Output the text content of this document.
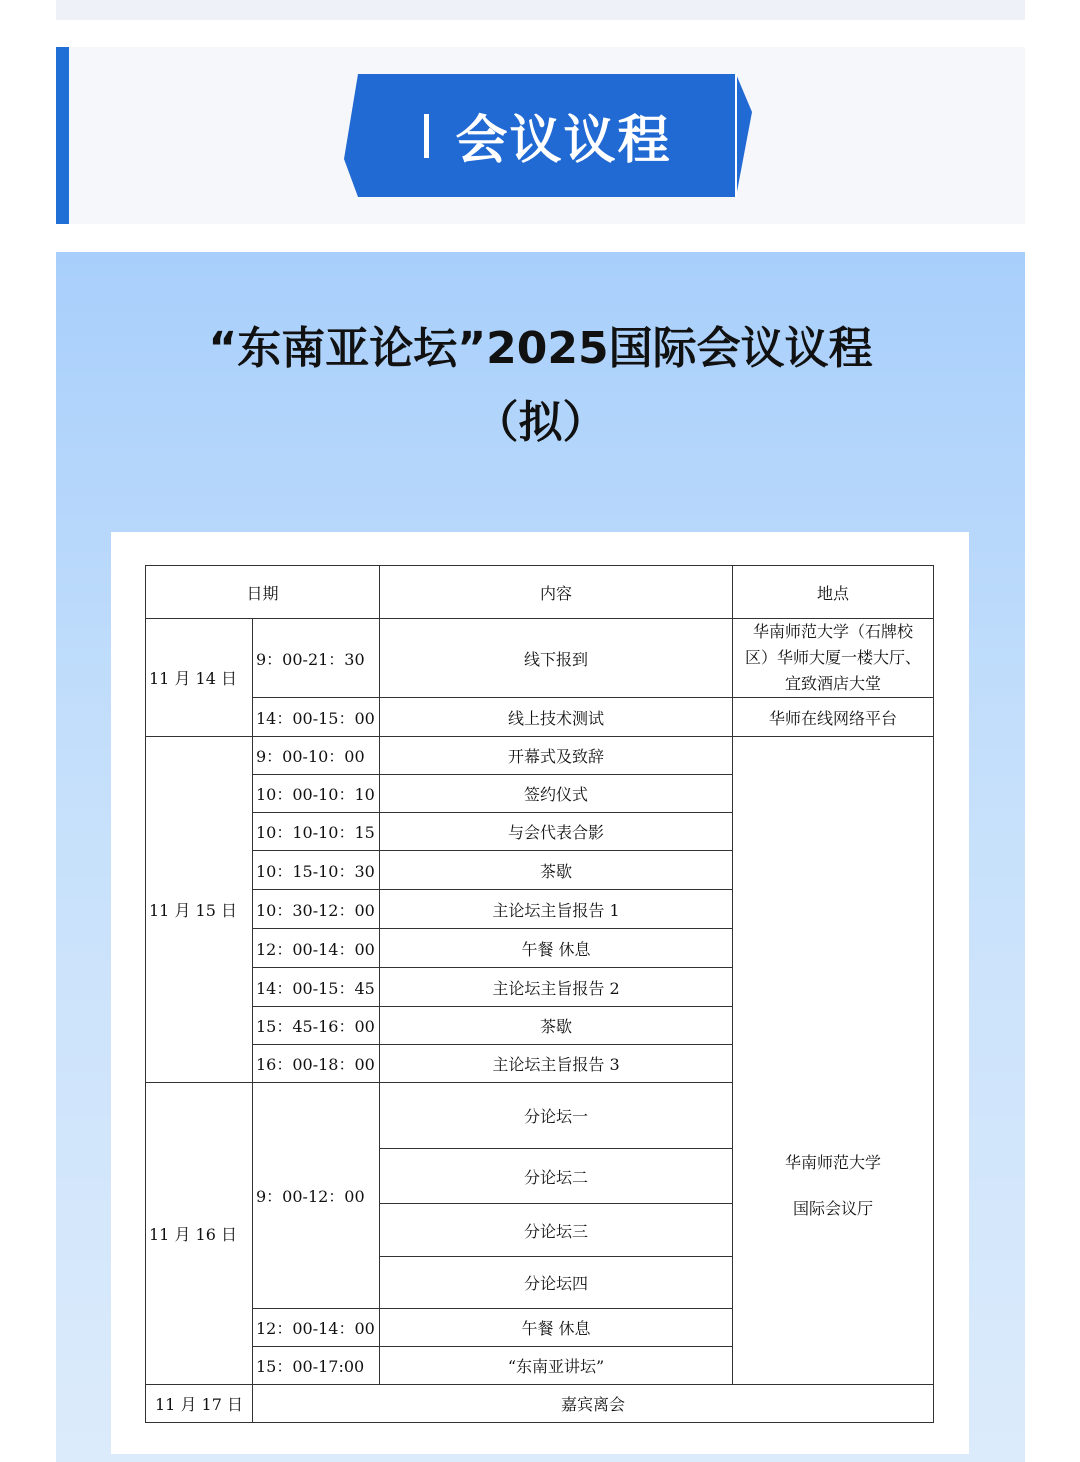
会议议程
“东南亚论坛”2025国际会议议程
（拟）
日期		内容	地点
11 月 14 日	9：00-21：30	线下报到	华南师范大学（石牌校
区）华师大厦一楼大厅、
宜致酒店大堂

	14：00-15：00	线上技术测试	华师在线网络平台
11 月 15 日	9：00-10：00	开幕式及致辞	华南师范大学
国际会议厅

	10：00-10：10	签约仪式	
	10：10-10：15	与会代表合影	
	10：15-10：30	茶歇	
	10：30-12：00	主论坛主旨报告 1	
	12：00-14：00	午餐 休息	
	14：00-15：45	主论坛主旨报告 2	
	15：45-16：00	茶歇	
	16：00-18：00	主论坛主旨报告 3	
11 月 16 日	9：00-12：00	分论坛一	
		分论坛二	
		分论坛三	
		分论坛四	
	12：00-14：00	午餐 休息	
	15：00-17:00	“东南亚讲坛”	
11 月 17 日	嘉宾离会		
